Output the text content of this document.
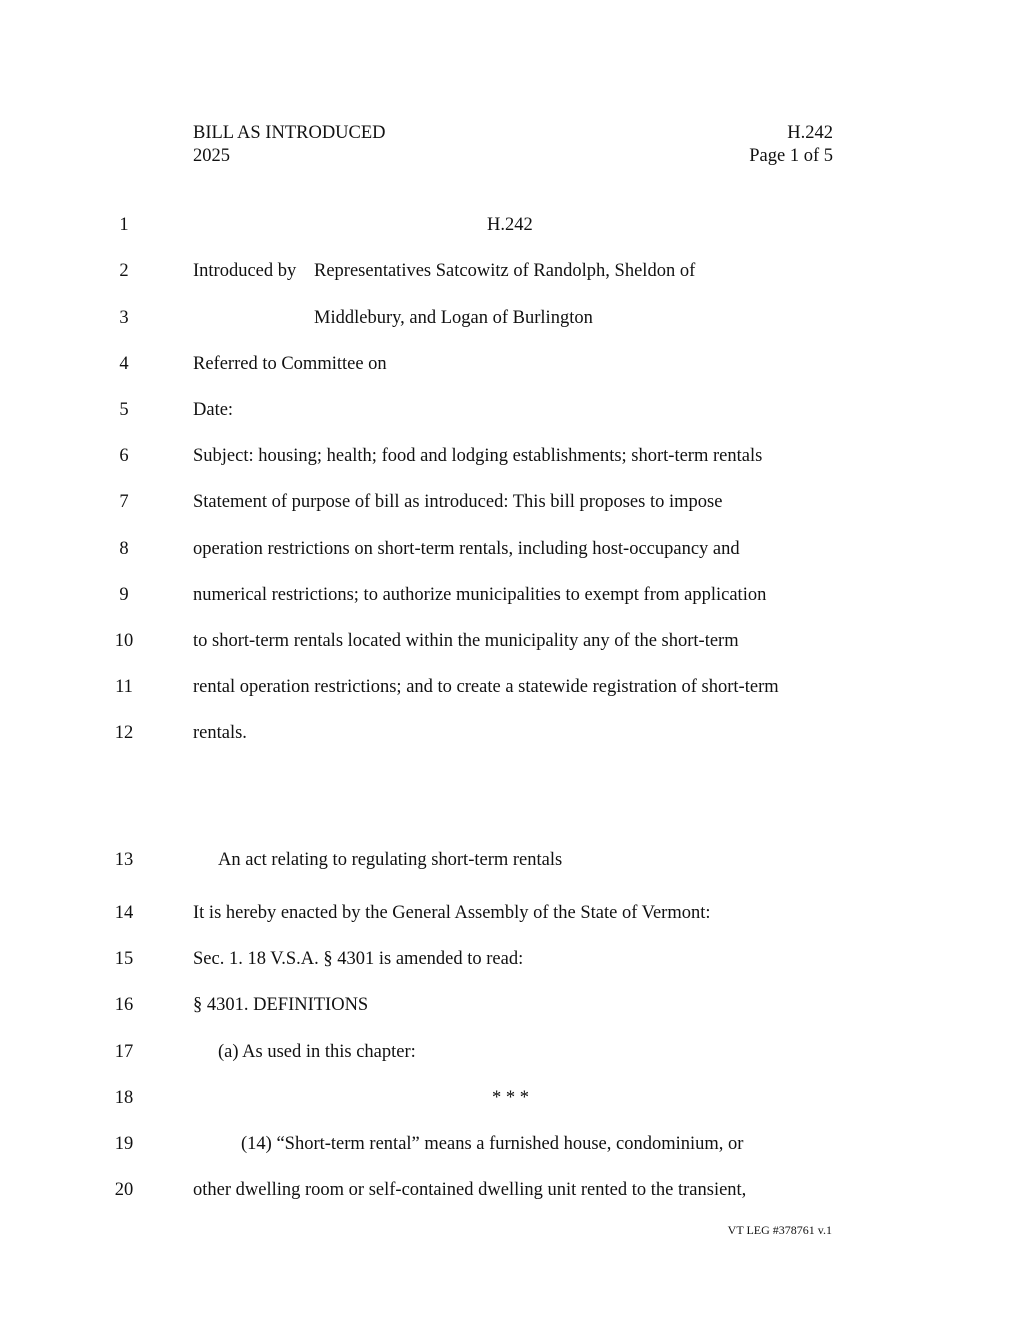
BILL AS INTRODUCED	H.242
2025	Page 1 of 5
1
2
3
4
5
6
7
8
9
10
11
12
13
14
15
16
17
18
19
20
H.242
Introduced by Representatives Satcowitz of Randolph, Sheldon of
Middlebury, and Logan of Burlington
Referred to Committee on
Date:
Subject: housing; health; food and lodging establishments; short-term rentals
Statement of purpose of bill as introduced: This bill proposes to impose
operation restrictions on short-term rentals, including host-occupancy and
numerical restrictions; to authorize municipalities to exempt from application
to short-term rentals located within the municipality any of the short-term
rental operation restrictions; and to create a statewide registration of short-term
rentals.
An act relating to regulating short-term rentals
It is hereby enacted by the General Assembly of the State of Vermont:
Sec. 1. 18 V.S.A. § 4301 is amended to read:
§ 4301. DEFINITIONS
(a) As used in this chapter:
* * *
(14) “Short-term rental” means a furnished house, condominium, or
other dwelling room or self-contained dwelling unit rented to the transient,
VT LEG #378761 v.1
